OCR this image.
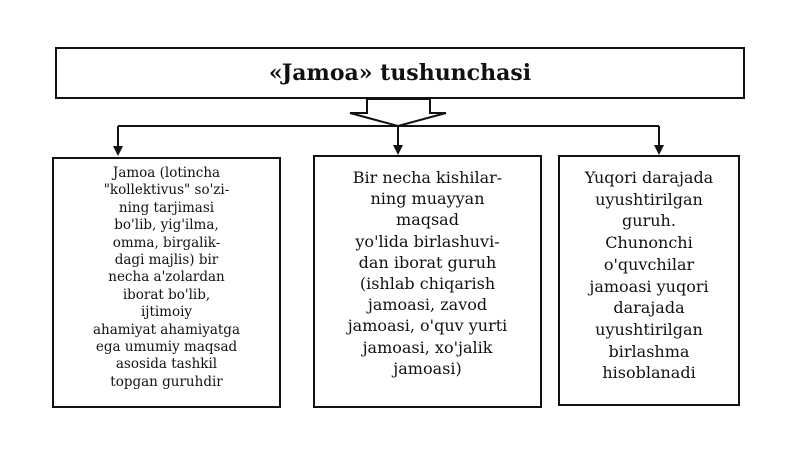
«Jamoa» tushunchasi

Jamoa (lotincha
"kollektivus" so'zi-
ning tarjimasi
bo'lib, yig'ilma,
omma, birgalik-
dagi majlis) bir
necha a'zolardan
iborat bo'lib,
ijtimoiy
ahamiyat ahamiyatga
ega umumiy maqsad
asosida tashkil
topgan guruhdir

Bir necha kishilar-
ning muayyan
maqsad
yo'lida birlashuvi-
dan iborat guruh
(ishlab chiqarish
jamoasi, zavod
jamoasi, o'quv yurti
jamoasi, xo'jalik
jamoasi)

Yuqori darajada
uyushtirilgan
guruh.
Chunonchi
o'quvchilar
jamoasi yuqori
darajada
uyushtirilgan
birlashma
hisoblanadi
